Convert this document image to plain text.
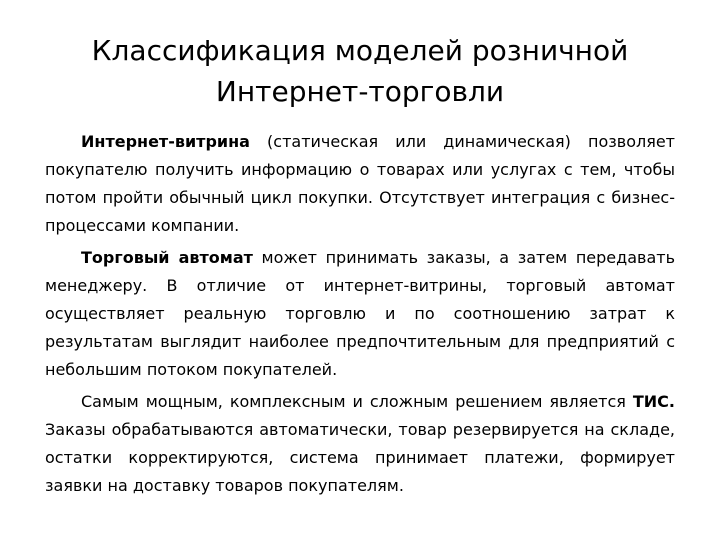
Классификация моделей розничной
Интернет-торговли

Интернет-витрина (статическая или динамическая) позволяет покупателю получить информацию о товарах или услугах с тем, чтобы потом пройти обычный цикл покупки. Отсутствует интеграция с бизнес-процессами компании.

Торговый автомат может принимать заказы, а затем передавать менеджеру. В отличие от интернет-витрины, торговый автомат осуществляет реальную торговлю и по соотношению затрат к результатам выглядит наиболее предпочтительным для предприятий с небольшим потоком покупателей.

Самым мощным, комплексным и сложным решением является ТИС. Заказы обрабатываются автоматически, товар резервируется на складе, остатки корректируются, система принимает платежи, формирует заявки на доставку товаров покупателям.
